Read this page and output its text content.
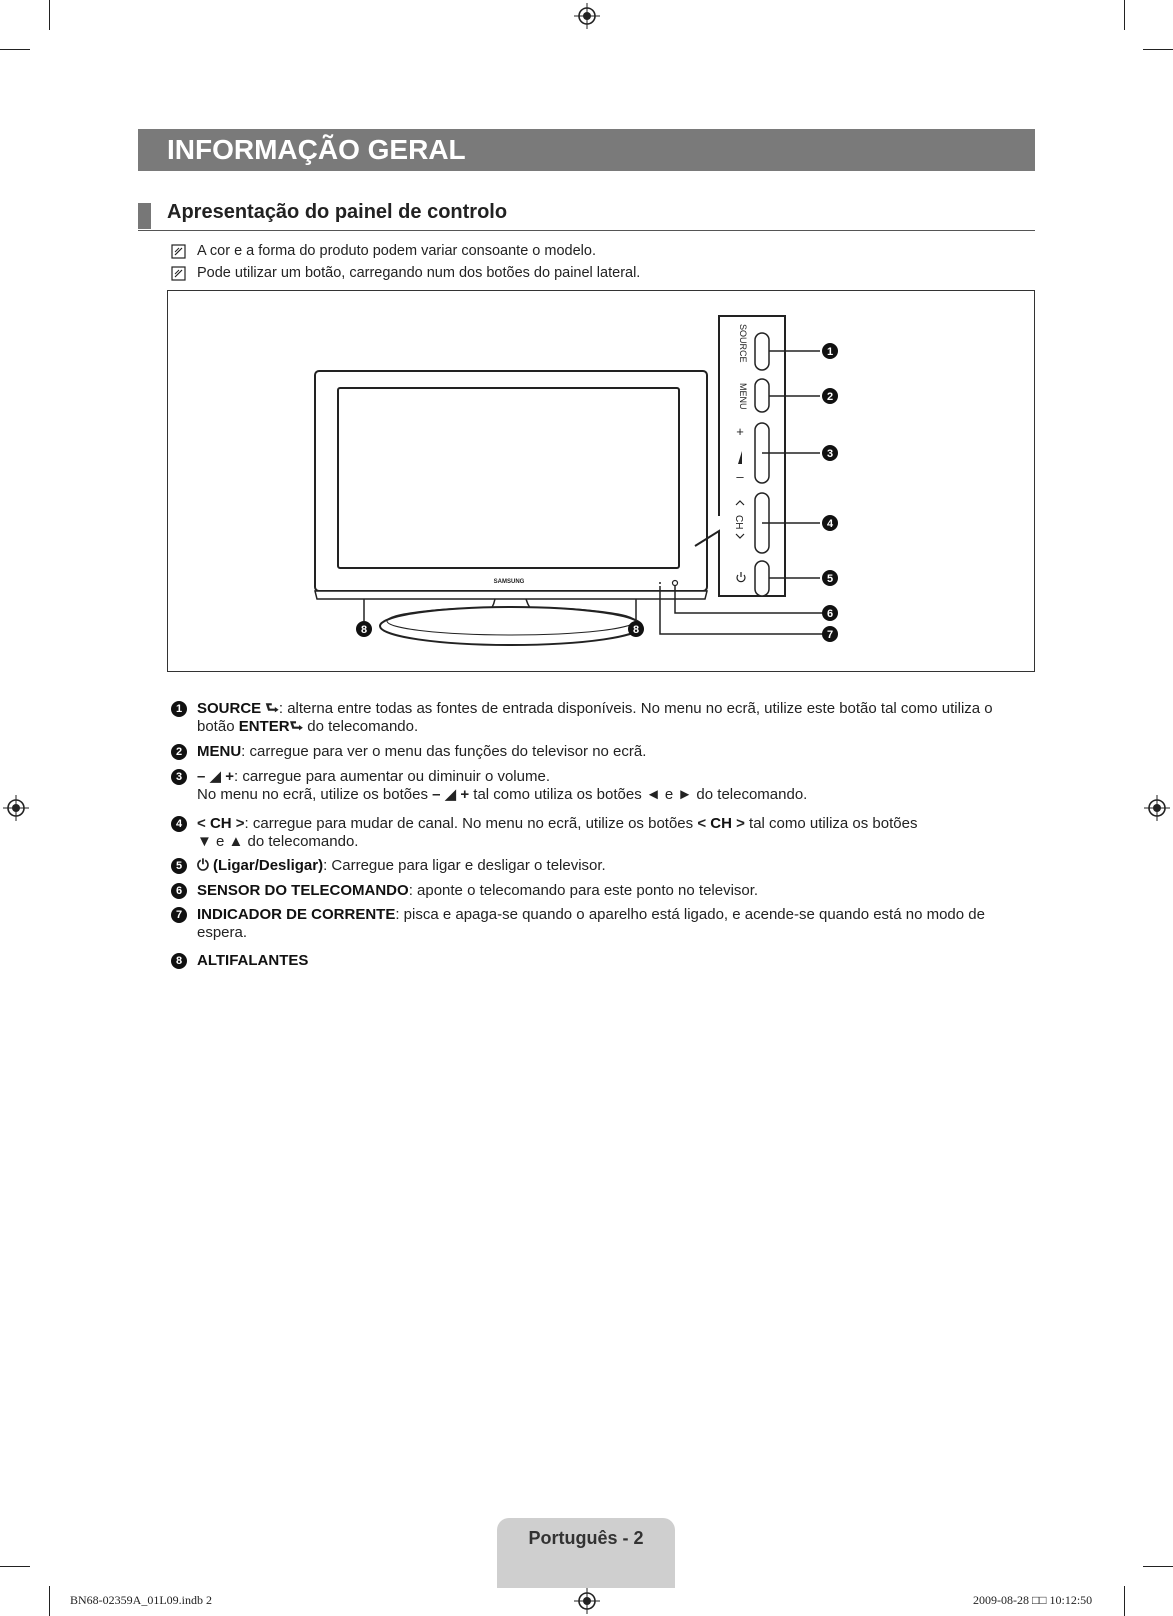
INFORMAÇÃO GERAL
Apresentação do painel de controlo
A cor e a forma do produto podem variar consoante o modelo.
Pode utilizar um botão, carregando num dos botões do painel lateral.
SAMSUNG
SOURCE
MENU
+
–
CH
1
2
3
4
5
6
7
8	8
1 SOURCE ⮑: alterna entre todas as fontes de entrada disponíveis. No menu no ecrã, utilize este botão tal como utiliza o
botão ENTER⮑ do telecomando.
2 MENU: carregue para ver o menu das funções do televisor no ecrã.
3 – ◢ +: carregue para aumentar ou diminuir o volume.
No menu no ecrã, utilize os botões – ◢ + tal como utiliza os botões ◄ e ► do telecomando.
4 < CH >: carregue para mudar de canal. No menu no ecrã, utilize os botões < CH > tal como utiliza os botões
▼ e ▲ do telecomando.
5 ⏻ (Ligar/Desligar): Carregue para ligar e desligar o televisor.
6 SENSOR DO TELECOMANDO: aponte o telecomando para este ponto no televisor.
7 INDICADOR DE CORRENTE: pisca e apaga-se quando o aparelho está ligado, e acende-se quando está no modo de
espera.
8 ALTIFALANTES
Português - 2
BN68-02359A_01L09.indb 2	2009-08-28 □□ 10:12:50
